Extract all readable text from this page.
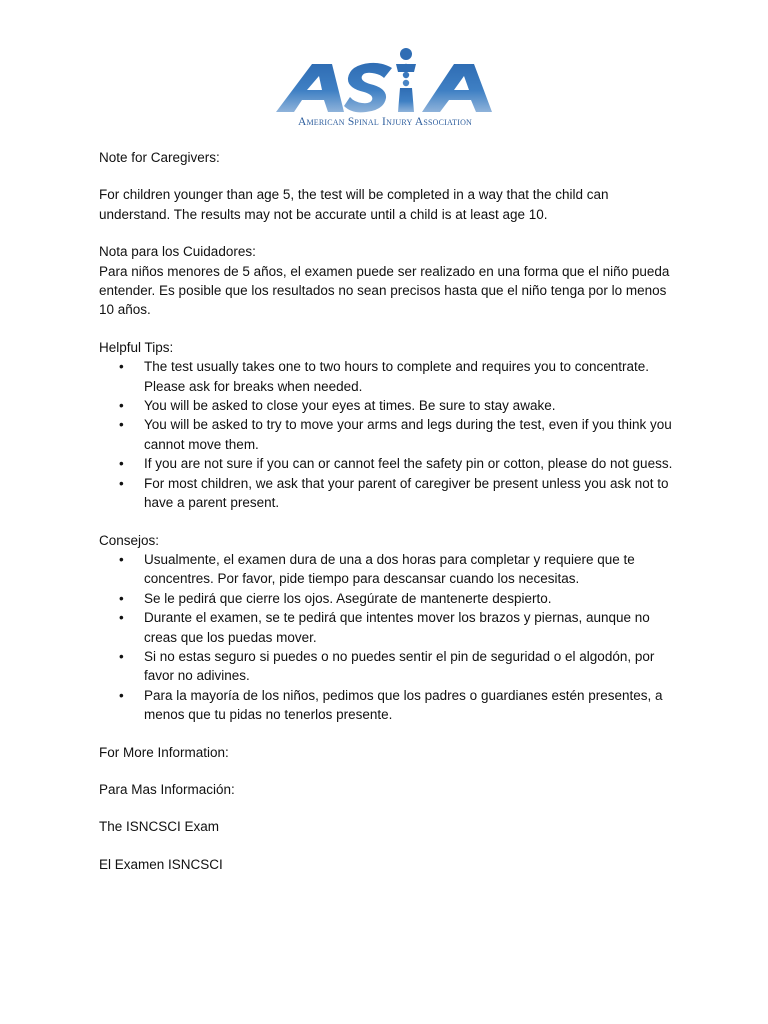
American Spinal Injury Association

Note for Caregivers:

For children younger than age 5, the test will be completed in a way that the child can understand. The results may not be accurate until a child is at least age 10.

Nota para los Cuidadores:

Para niños menores de 5 años, el examen puede ser realizado en una forma que el niño pueda entender. Es posible que los resultados no sean precisos hasta que el niño tenga por lo menos 10 años.

Helpful Tips:

• The test usually takes one to two hours to complete and requires you to concentrate. Please ask for breaks when needed.
• You will be asked to close your eyes at times. Be sure to stay awake.
• You will be asked to try to move your arms and legs during the test, even if you think you cannot move them.
• If you are not sure if you can or cannot feel the safety pin or cotton, please do not guess.
• For most children, we ask that your parent of caregiver be present unless you ask not to have a parent present.

Consejos:

• Usualmente, el examen dura de una a dos horas para completar y requiere que te concentres. Por favor, pide tiempo para descansar cuando los necesitas.
• Se le pedirá que cierre los ojos. Asegúrate de mantenerte despierto.
• Durante el examen, se te pedirá que intentes mover los brazos y piernas, aunque no creas que los puedas mover.
• Si no estas seguro si puedes o no puedes sentir el pin de seguridad o el algodón, por favor no adivines.
• Para la mayoría de los niños, pedimos que los padres o guardianes estén presentes, a menos que tu pidas no tenerlos presente.

For More Information:

Para Mas Información:

The ISNCSCI Exam

El Examen ISNCSCI
